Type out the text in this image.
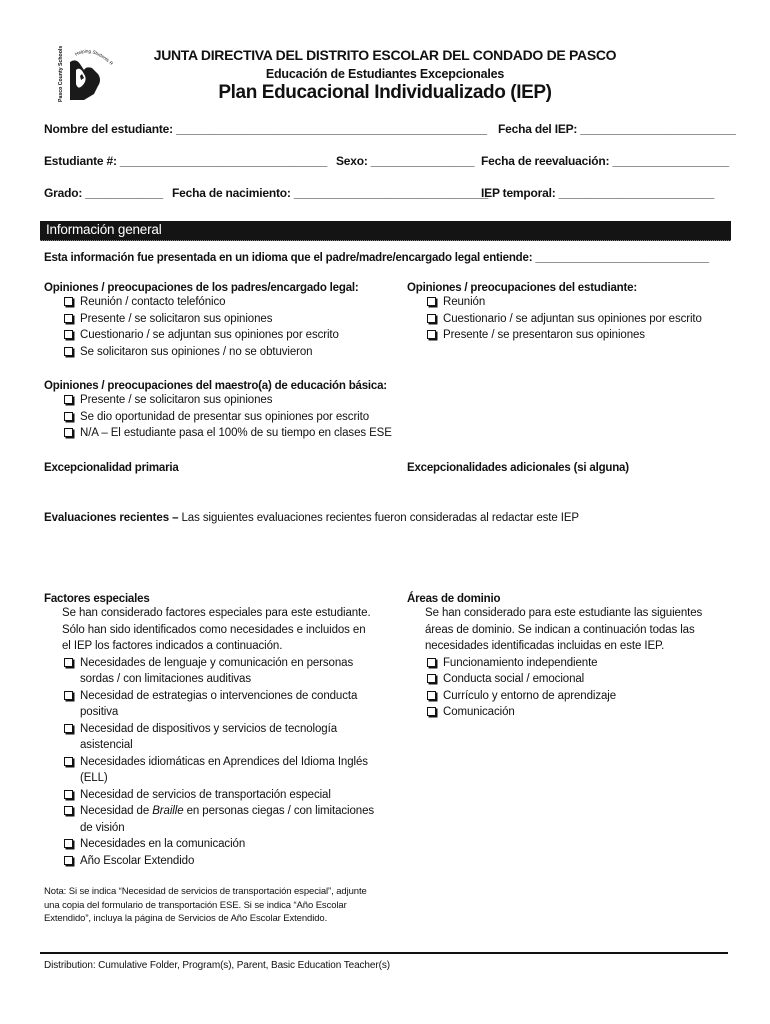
Pasco County Schools	Helping Students R
JUNTA DIRECTIVA DEL DISTRITO ESCOLAR DEL CONDADO DE PASCO
Educación de Estudiantes Excepcionales
Plan Educacional Individualizado (IEP)
Nombre del estudiante: ________________________________________________ Fecha del IEP: ________________________
Estudiante #: ________________________________ Sexo: ________________ Fecha de reevaluación: __________________
Grado: ____________ Fecha de nacimiento: ______________________________
IEP temporal: ________________________
Información general
Esta información fue presentada en un idioma que el padre/madre/encargado legal entiende: ____________________________
Opiniones / preocupaciones de los padres/encargado legal:
Reunión / contacto telefónico
Presente / se solicitaron sus opiniones
Cuestionario / se adjuntan sus opiniones por escrito
Se solicitaron sus opiniones / no se obtuvieron
Opiniones / preocupaciones del estudiante:
Reunión
Cuestionario / se adjuntan sus opiniones por escrito
Presente / se presentaron sus opiniones
Opiniones / preocupaciones del maestro(a) de educación básica:
Presente / se solicitaron sus opiniones
Se dio oportunidad de presentar sus opiniones por escrito
N/A – El estudiante pasa el 100% de su tiempo en clases ESE
Excepcionalidad primaria	Excepcionalidades adicionales (si alguna)
Evaluaciones recientes – Las siguientes evaluaciones recientes fueron consideradas al redactar este IEP
Factores especiales
Se han considerado factores especiales para este estudiante.
Sólo han sido identificados como necesidades e incluidos en
el IEP los factores indicados a continuación.
Necesidades de lenguaje y comunicación en personas
sordas / con limitaciones auditivas
Necesidad de estrategias o intervenciones de conducta
positiva
Necesidad de dispositivos y servicios de tecnología
asistencial
Necesidades idiomáticas en Aprendices del Idioma Inglés
(ELL)
Necesidad de servicios de transportación especial
Necesidad de Braille en personas ciegas / con limitaciones
de visión
Necesidades en la comunicación
Año Escolar Extendido
Áreas de dominio
Se han considerado para este estudiante las siguientes
áreas de dominio. Se indican a continuación todas las
necesidades identificadas incluidas en este IEP.
Funcionamiento independiente
Conducta social / emocional
Currículo y entorno de aprendizaje
Comunicación
Nota: Si se indica “Necesidad de servicios de transportación especial”, adjunte
una copia del formulario de transportación ESE. Si se indica “Año Escolar
Extendido”, incluya la página de Servicios de Año Escolar Extendido.
Distribution: Cumulative Folder, Program(s), Parent, Basic Education Teacher(s)
